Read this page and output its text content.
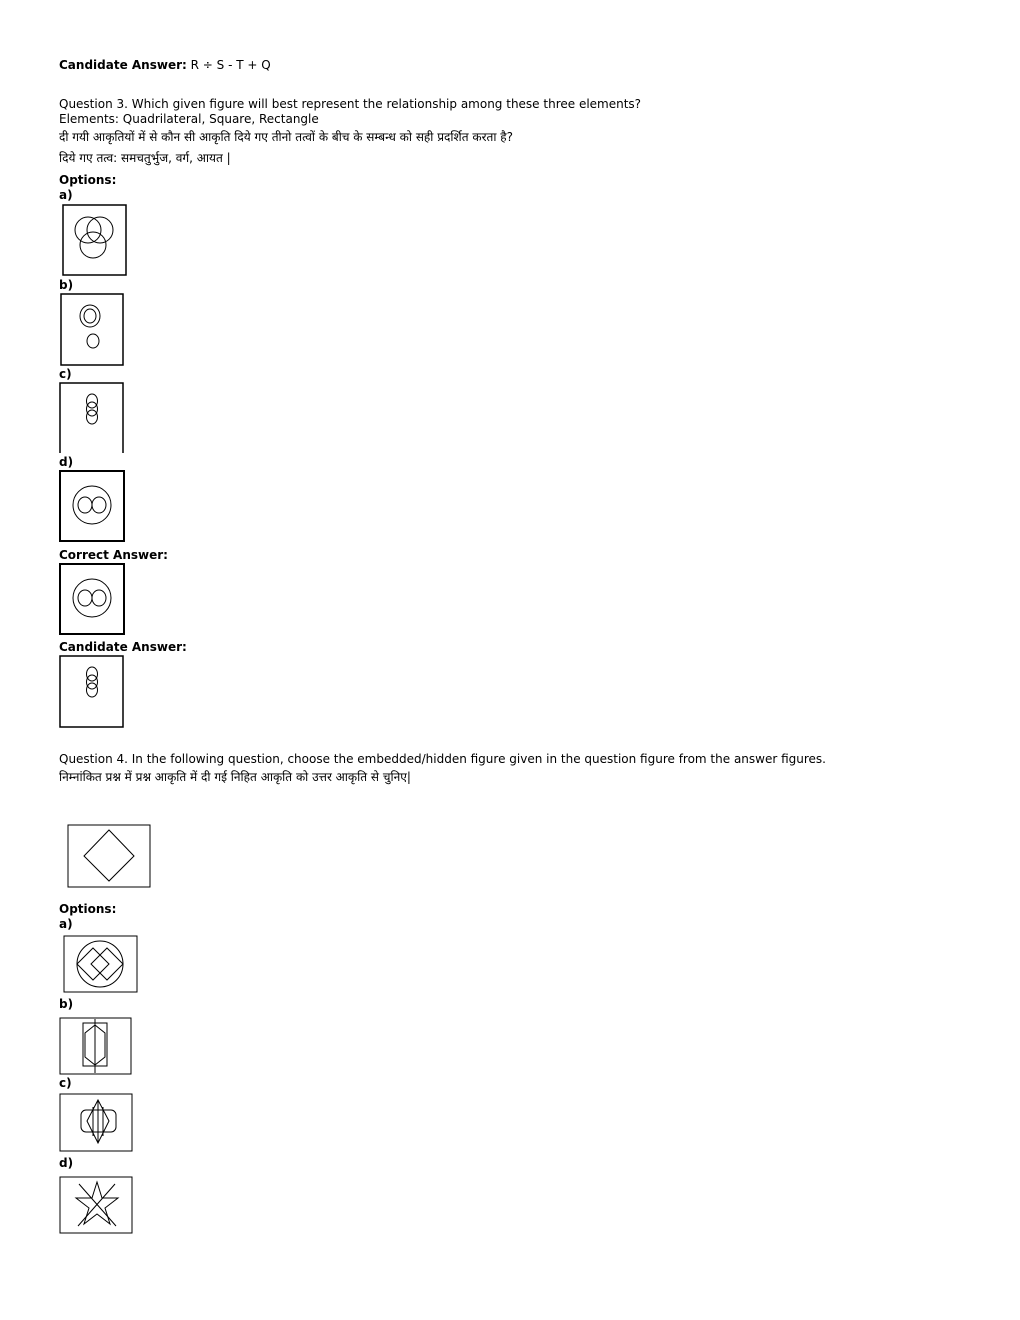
Candidate Answer: R ÷ S - T + Q
Question 3. Which given figure will best represent the relationship among these three elements?
Elements: Quadrilateral, Square, Rectangle
दी गयी आकृतियों में से कौन सी आकृति दिये गए तीनो तत्वों के बीच के सम्बन्ध को सही प्रदर्शित करता है?
दिये गए तत्व: समचतुर्भुज, वर्ग, आयत |
Options:
a)
b)
c)
d)
Correct Answer:
Candidate Answer:
Question 4. In the following question, choose the embedded/hidden figure given in the question figure from the answer figures.
निम्नांकित प्रश्न में प्रश्न आकृति में दी गई निहित आकृति को उत्तर आकृति से चुनिए|
Options:
a)
b)
c)
d)
